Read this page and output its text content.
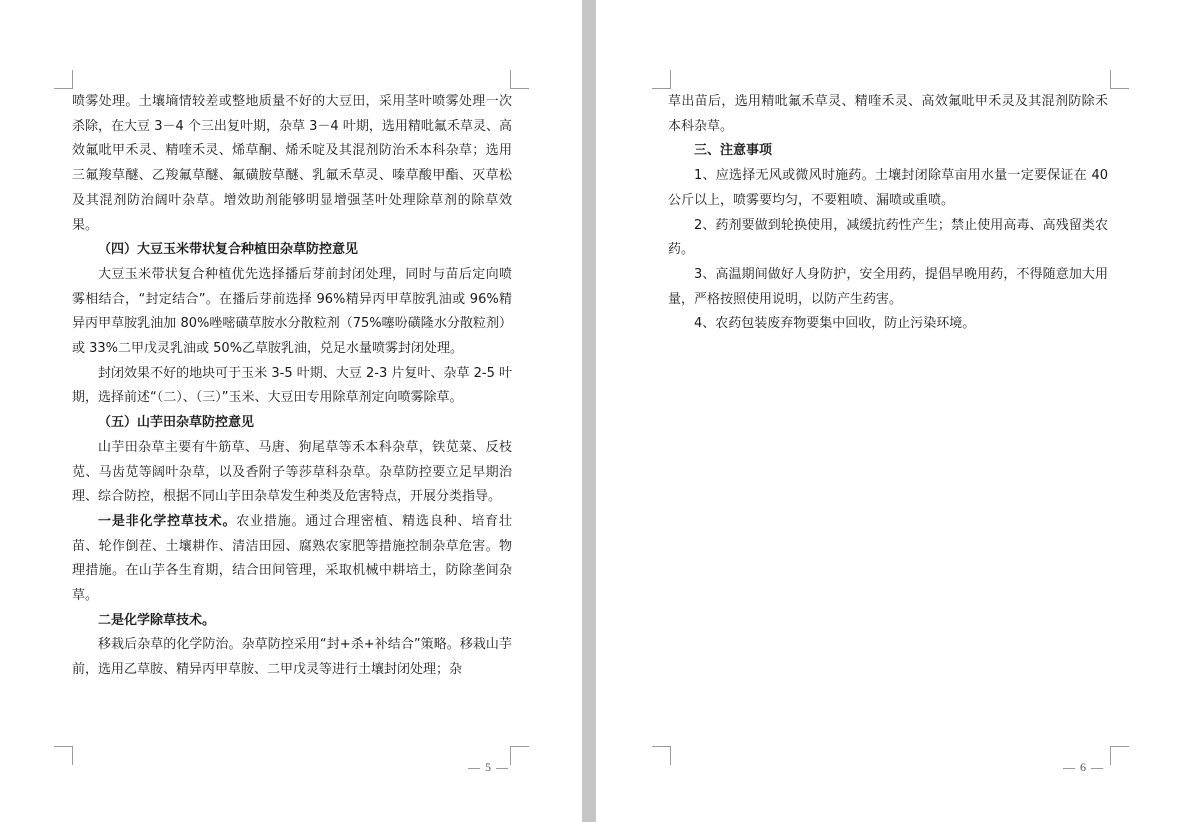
喷雾处理。土壤墒情较差或整地质量不好的大豆田，采用茎叶喷雾处理一次杀除，在大豆 3－4 个三出复叶期，杂草 3－4 叶期，选用精吡氟禾草灵、高效氟吡甲禾灵、精喹禾灵、烯草酮、烯禾啶及其混剂防治禾本科杂草；选用三氟羧草醚、乙羧氟草醚、氟磺胺草醚、乳氟禾草灵、嗪草酸甲酯、灭草松及其混剂防治阔叶杂草。增效助剂能够明显增强茎叶处理除草剂的除草效果。

（四）大豆玉米带状复合种植田杂草防控意见

大豆玉米带状复合种植优先选择播后芽前封闭处理，同时与苗后定向喷雾相结合，“封定结合”。在播后芽前选择 96%精异丙甲草胺乳油或 96%精异丙甲草胺乳油加 80%唑嘧磺草胺水分散粒剂（75%噻吩磺隆水分散粒剂）或 33%二甲戊灵乳油或 50%乙草胺乳油，兑足水量喷雾封闭处理。

封闭效果不好的地块可于玉米 3-5 叶期、大豆 2-3 片复叶、杂草 2-5 叶期，选择前述“（二）、（三）”玉米、大豆田专用除草剂定向喷雾除草。

（五）山芋田杂草防控意见

山芋田杂草主要有牛筋草、马唐、狗尾草等禾本科杂草，铁苋菜、反枝苋、马齿苋等阔叶杂草，以及香附子等莎草科杂草。杂草防控要立足早期治理、综合防控，根据不同山芋田杂草发生种类及危害特点，开展分类指导。

一是非化学控草技术。农业措施。通过合理密植、精选良种、培育壮苗、轮作倒茬、土壤耕作、清洁田园、腐熟农家肥等措施控制杂草危害。物理措施。在山芋各生育期，结合田间管理，采取机械中耕培土，防除垄间杂草。

二是化学除草技术。

移栽后杂草的化学防治。杂草防控采用“封+杀+补结合”策略。移栽山芋前，选用乙草胺、精异丙甲草胺、二甲戊灵等进行土壤封闭处理；杂

— 5 —

草出苗后，选用精吡氟禾草灵、精喹禾灵、高效氟吡甲禾灵及其混剂防除禾本科杂草。

三、注意事项

1、应选择无风或微风时施药。土壤封闭除草亩用水量一定要保证在 40 公斤以上，喷雾要均匀，不要粗喷、漏喷或重喷。

2、药剂要做到轮换使用，减缓抗药性产生；禁止使用高毒、高残留类农药。

3、高温期间做好人身防护，安全用药，提倡早晚用药，不得随意加大用量，严格按照使用说明，以防产生药害。

4、农药包装废弃物要集中回收，防止污染环境。

— 6 —
